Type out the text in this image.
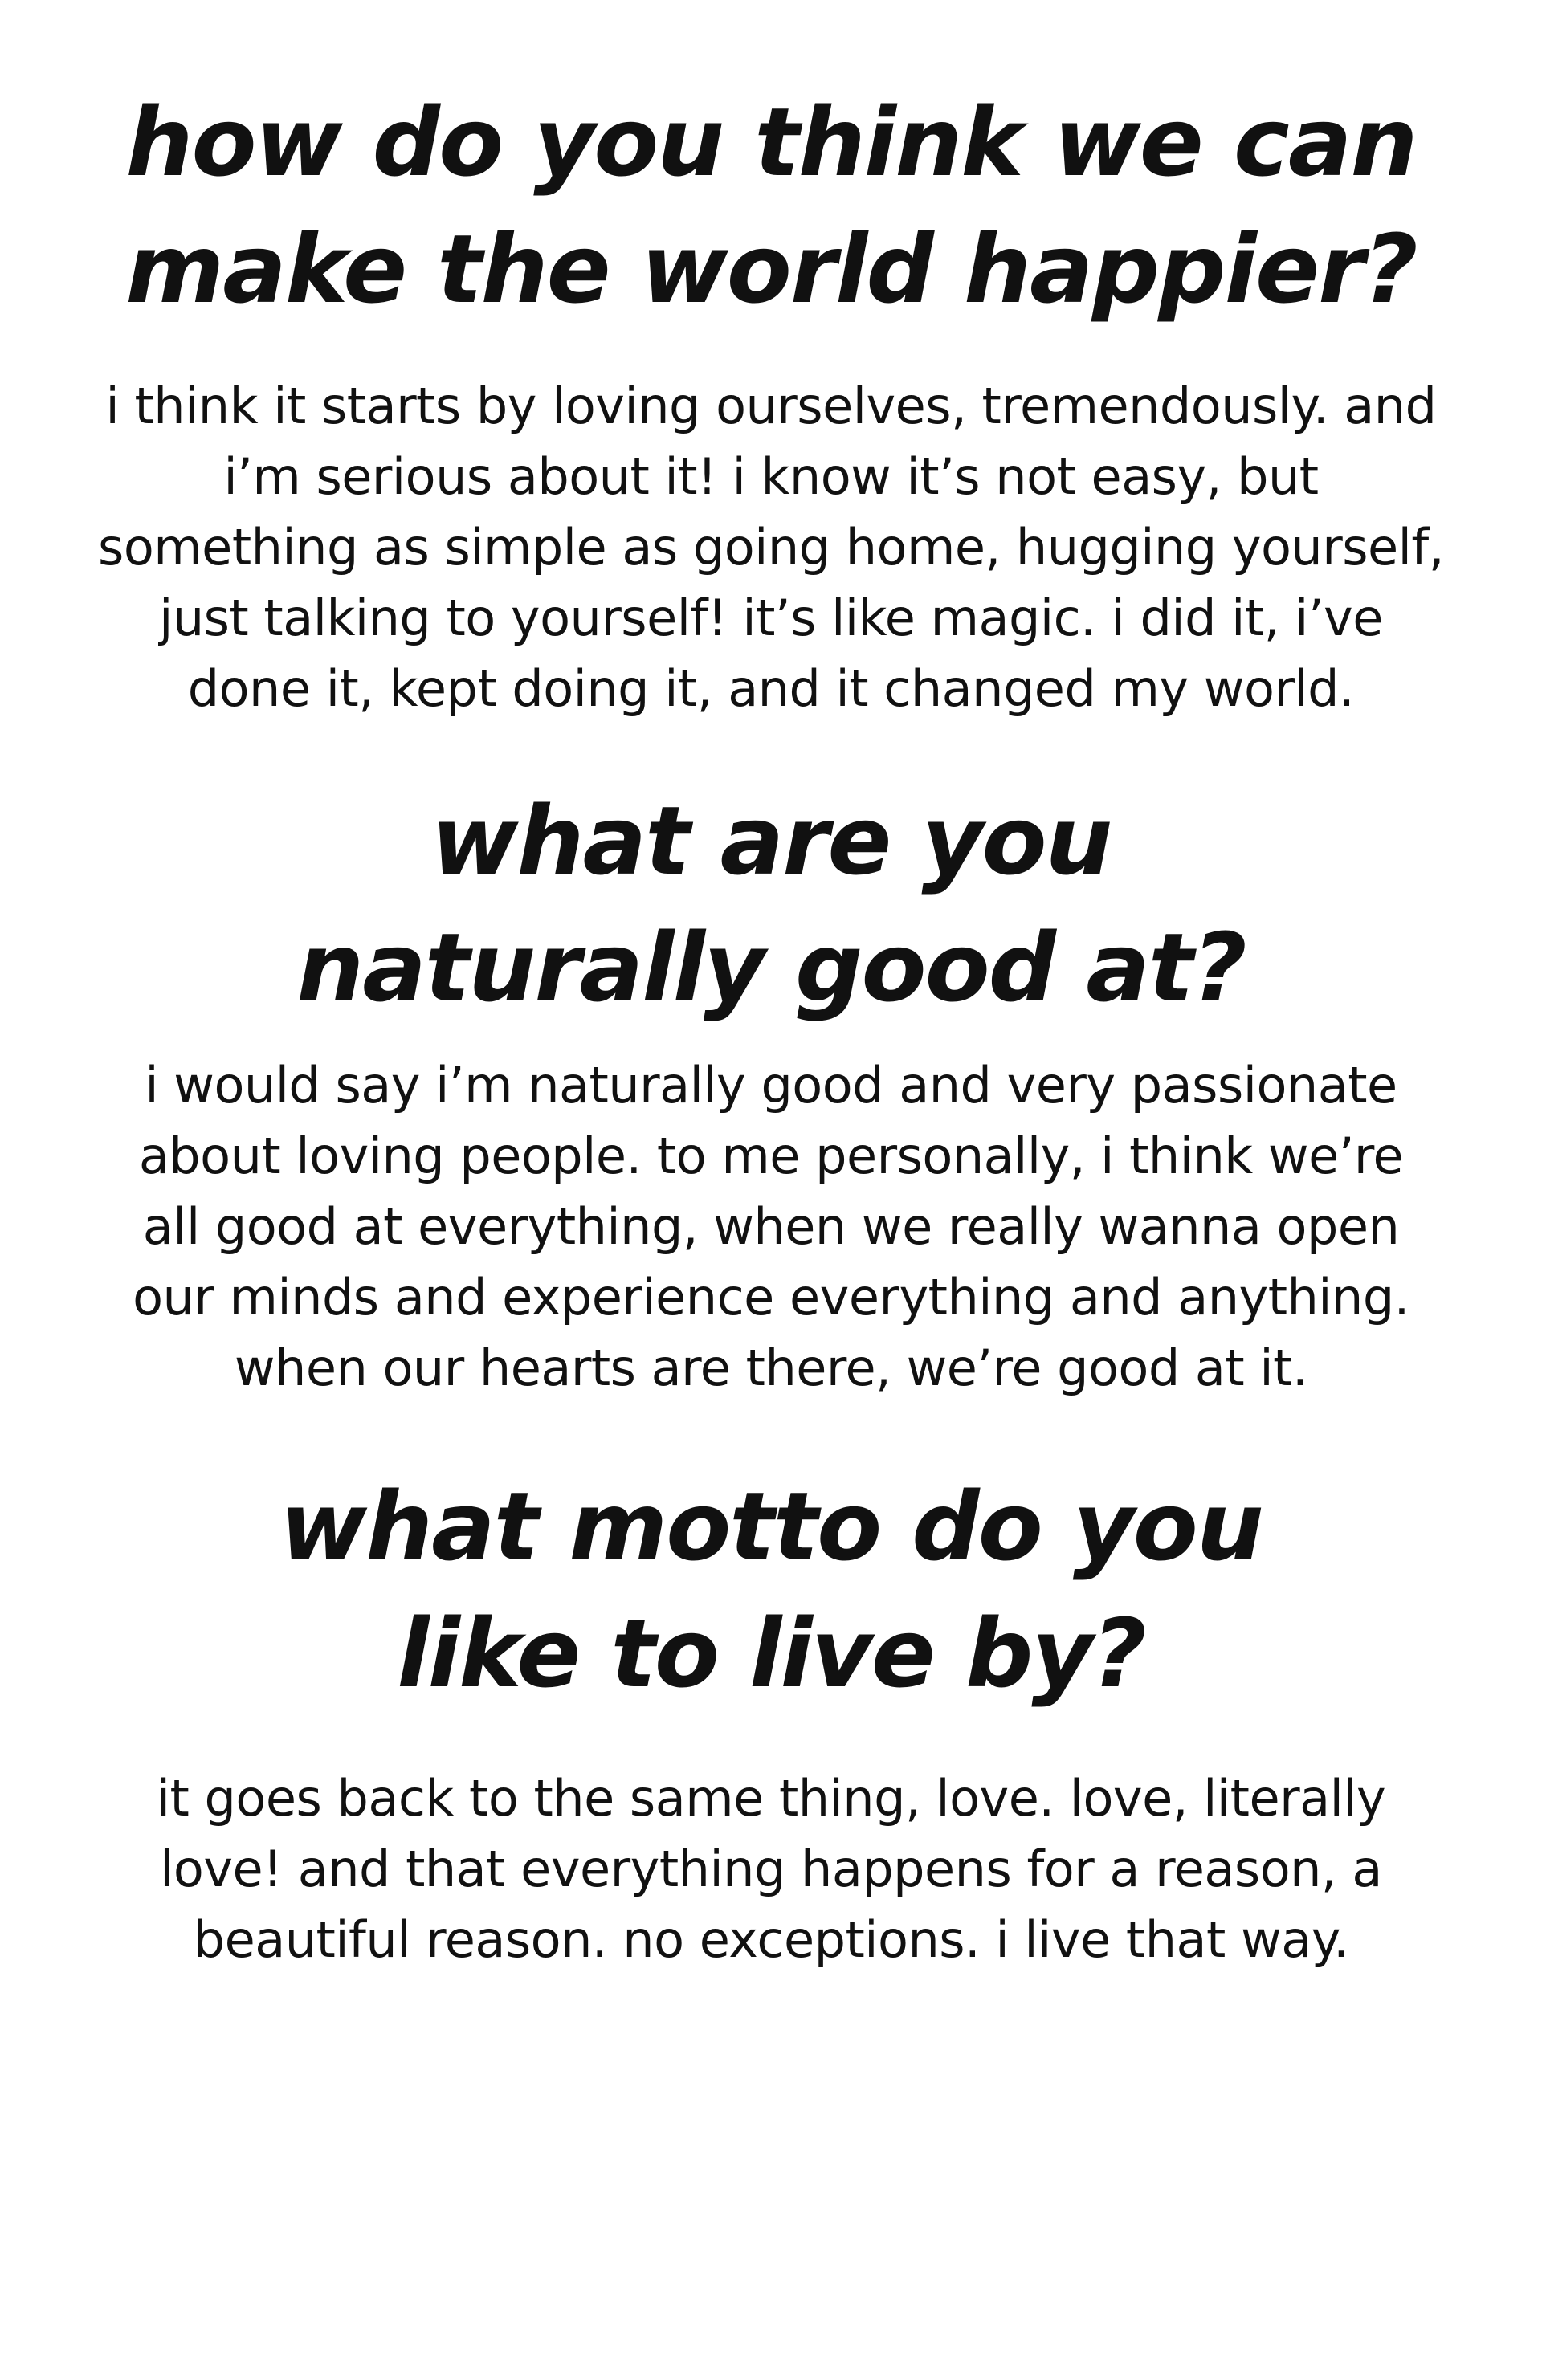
how do you think we can
make the world happier?

i think it starts by loving ourselves, tremendously. and
i’m serious about it! i know it’s not easy, but
something as simple as going home, hugging yourself,
just talking to yourself! it’s like magic. i did it, i’ve
done it, kept doing it, and it changed my world.

what are you
naturally good at?

i would say i’m naturally good and very passionate
about loving people. to me personally, i think we’re
all good at everything, when we really wanna open
our minds and experience everything and anything.
when our hearts are there, we’re good at it.

what motto do you
like to live by?

it goes back to the same thing, love. love, literally
love! and that everything happens for a reason, a
beautiful reason. no exceptions. i live that way.
